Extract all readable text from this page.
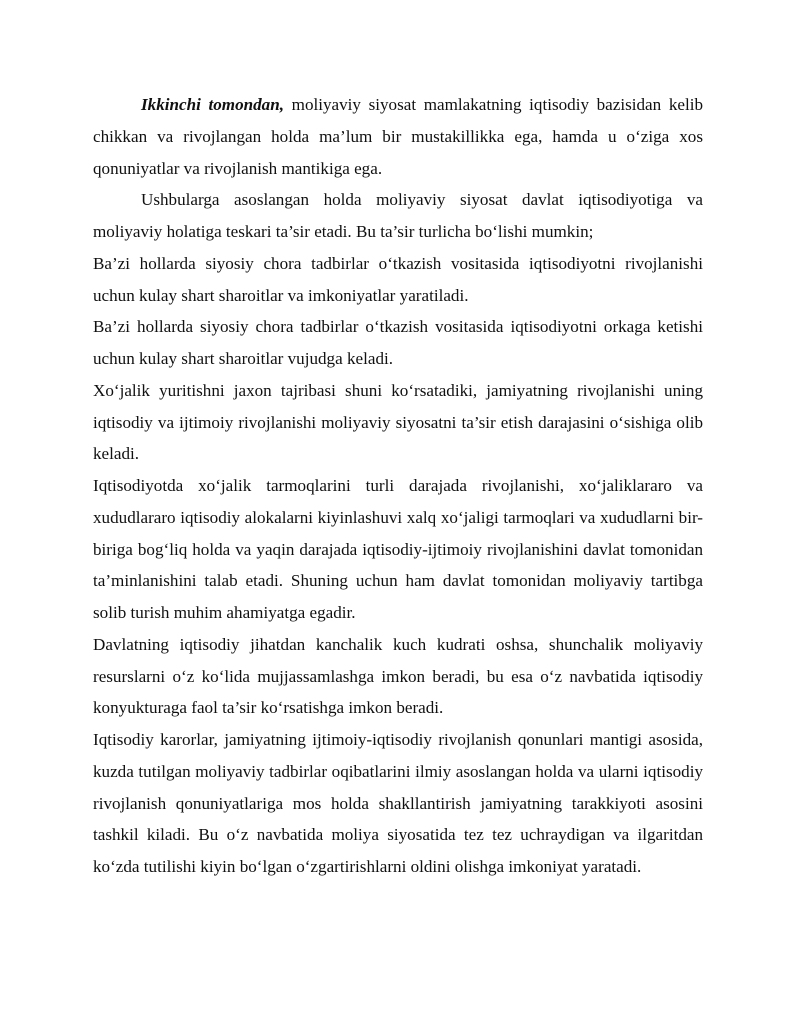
Ikkinchi tomondan, moliyaviy siyosat mamlakatning iqtisodiy bazisidan kelib chikkan va rivojlangan holda ma’lum bir mustakillikka ega, hamda u o‘ziga xos qonuniyatlar va rivojlanish mantikiga ega.

Ushbularga asoslangan holda moliyaviy siyosat davlat iqtisodiyotiga va moliyaviy holatiga teskari ta’sir etadi. Bu ta’sir turlicha bo‘lishi mumkin;

Ba’zi hollarda siyosiy chora tadbirlar o‘tkazish vositasida iqtisodiyotni rivojlanishi uchun kulay shart sharoitlar va imkoniyatlar yaratiladi.

Ba’zi hollarda siyosiy chora tadbirlar o‘tkazish vositasida iqtisodiyotni orkaga ketishi uchun kulay shart sharoitlar vujudga keladi.

Xo‘jalik yuritishni jaxon tajribasi shuni ko‘rsatadiki, jamiyatning rivojlanishi uning iqtisodiy va ijtimoiy rivojlanishi moliyaviy siyosatni ta’sir etish darajasini o‘sishiga olib keladi.

Iqtisodiyotda xo‘jalik tarmoqlarini turli darajada rivojlanishi, xo‘jaliklararo va xududlararo iqtisodiy alokalarni kiyinlashuvi xalq xo‘jaligi tarmoqlari va xududlarni bir-biriga bog‘liq holda va yaqin darajada iqtisodiy-ijtimoiy rivojlanishini davlat tomonidan ta’minlanishini talab etadi. Shuning uchun ham davlat tomonidan moliyaviy tartibga solib turish muhim ahamiyatga egadir.

Davlatning iqtisodiy jihatdan kanchalik kuch kudrati oshsa, shunchalik moliyaviy resurslarni o‘z ko‘lida mujjassamlashga imkon beradi, bu esa o‘z navbatida iqtisodiy konyukturaga faol ta’sir ko‘rsatishga imkon beradi.

Iqtisodiy karorlar, jamiyatning ijtimoiy-iqtisodiy rivojlanish qonunlari mantigi asosida, kuzda tutilgan moliyaviy tadbirlar oqibatlarini ilmiy asoslangan holda va ularni iqtisodiy rivojlanish qonuniyatlariga mos holda shakllantirish jamiyatning tarakkiyoti asosini tashkil kiladi. Bu o‘z navbatida moliya siyosatida tez tez uchraydigan va ilgaritdan ko‘zda tutilishi kiyin bo‘lgan o‘zgartirishlarni oldini olishga imkoniyat yaratadi.
